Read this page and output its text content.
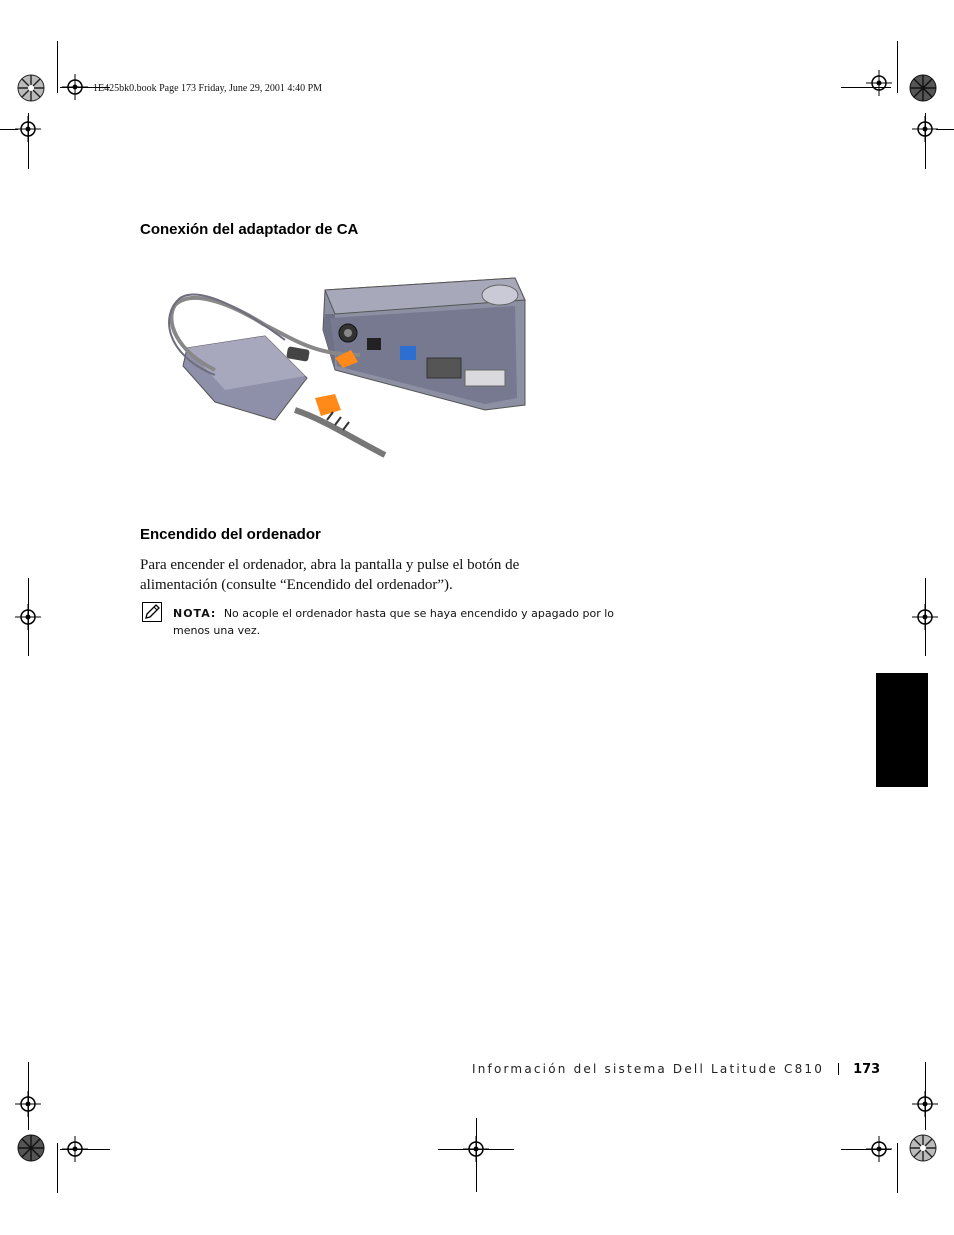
1E425bk0.book Page 173 Friday, June 29, 2001 4:40 PM
Conexión del adaptador de CA
Encendido del ordenador
Para encender el ordenador, abra la pantalla y pulse el botón de alimentación (consulte “Encendido del ordenador”).
NOTA: No acople el ordenador hasta que se haya encendido y apagado por lo menos una vez.
Información del sistema Dell Latitude C810 173
